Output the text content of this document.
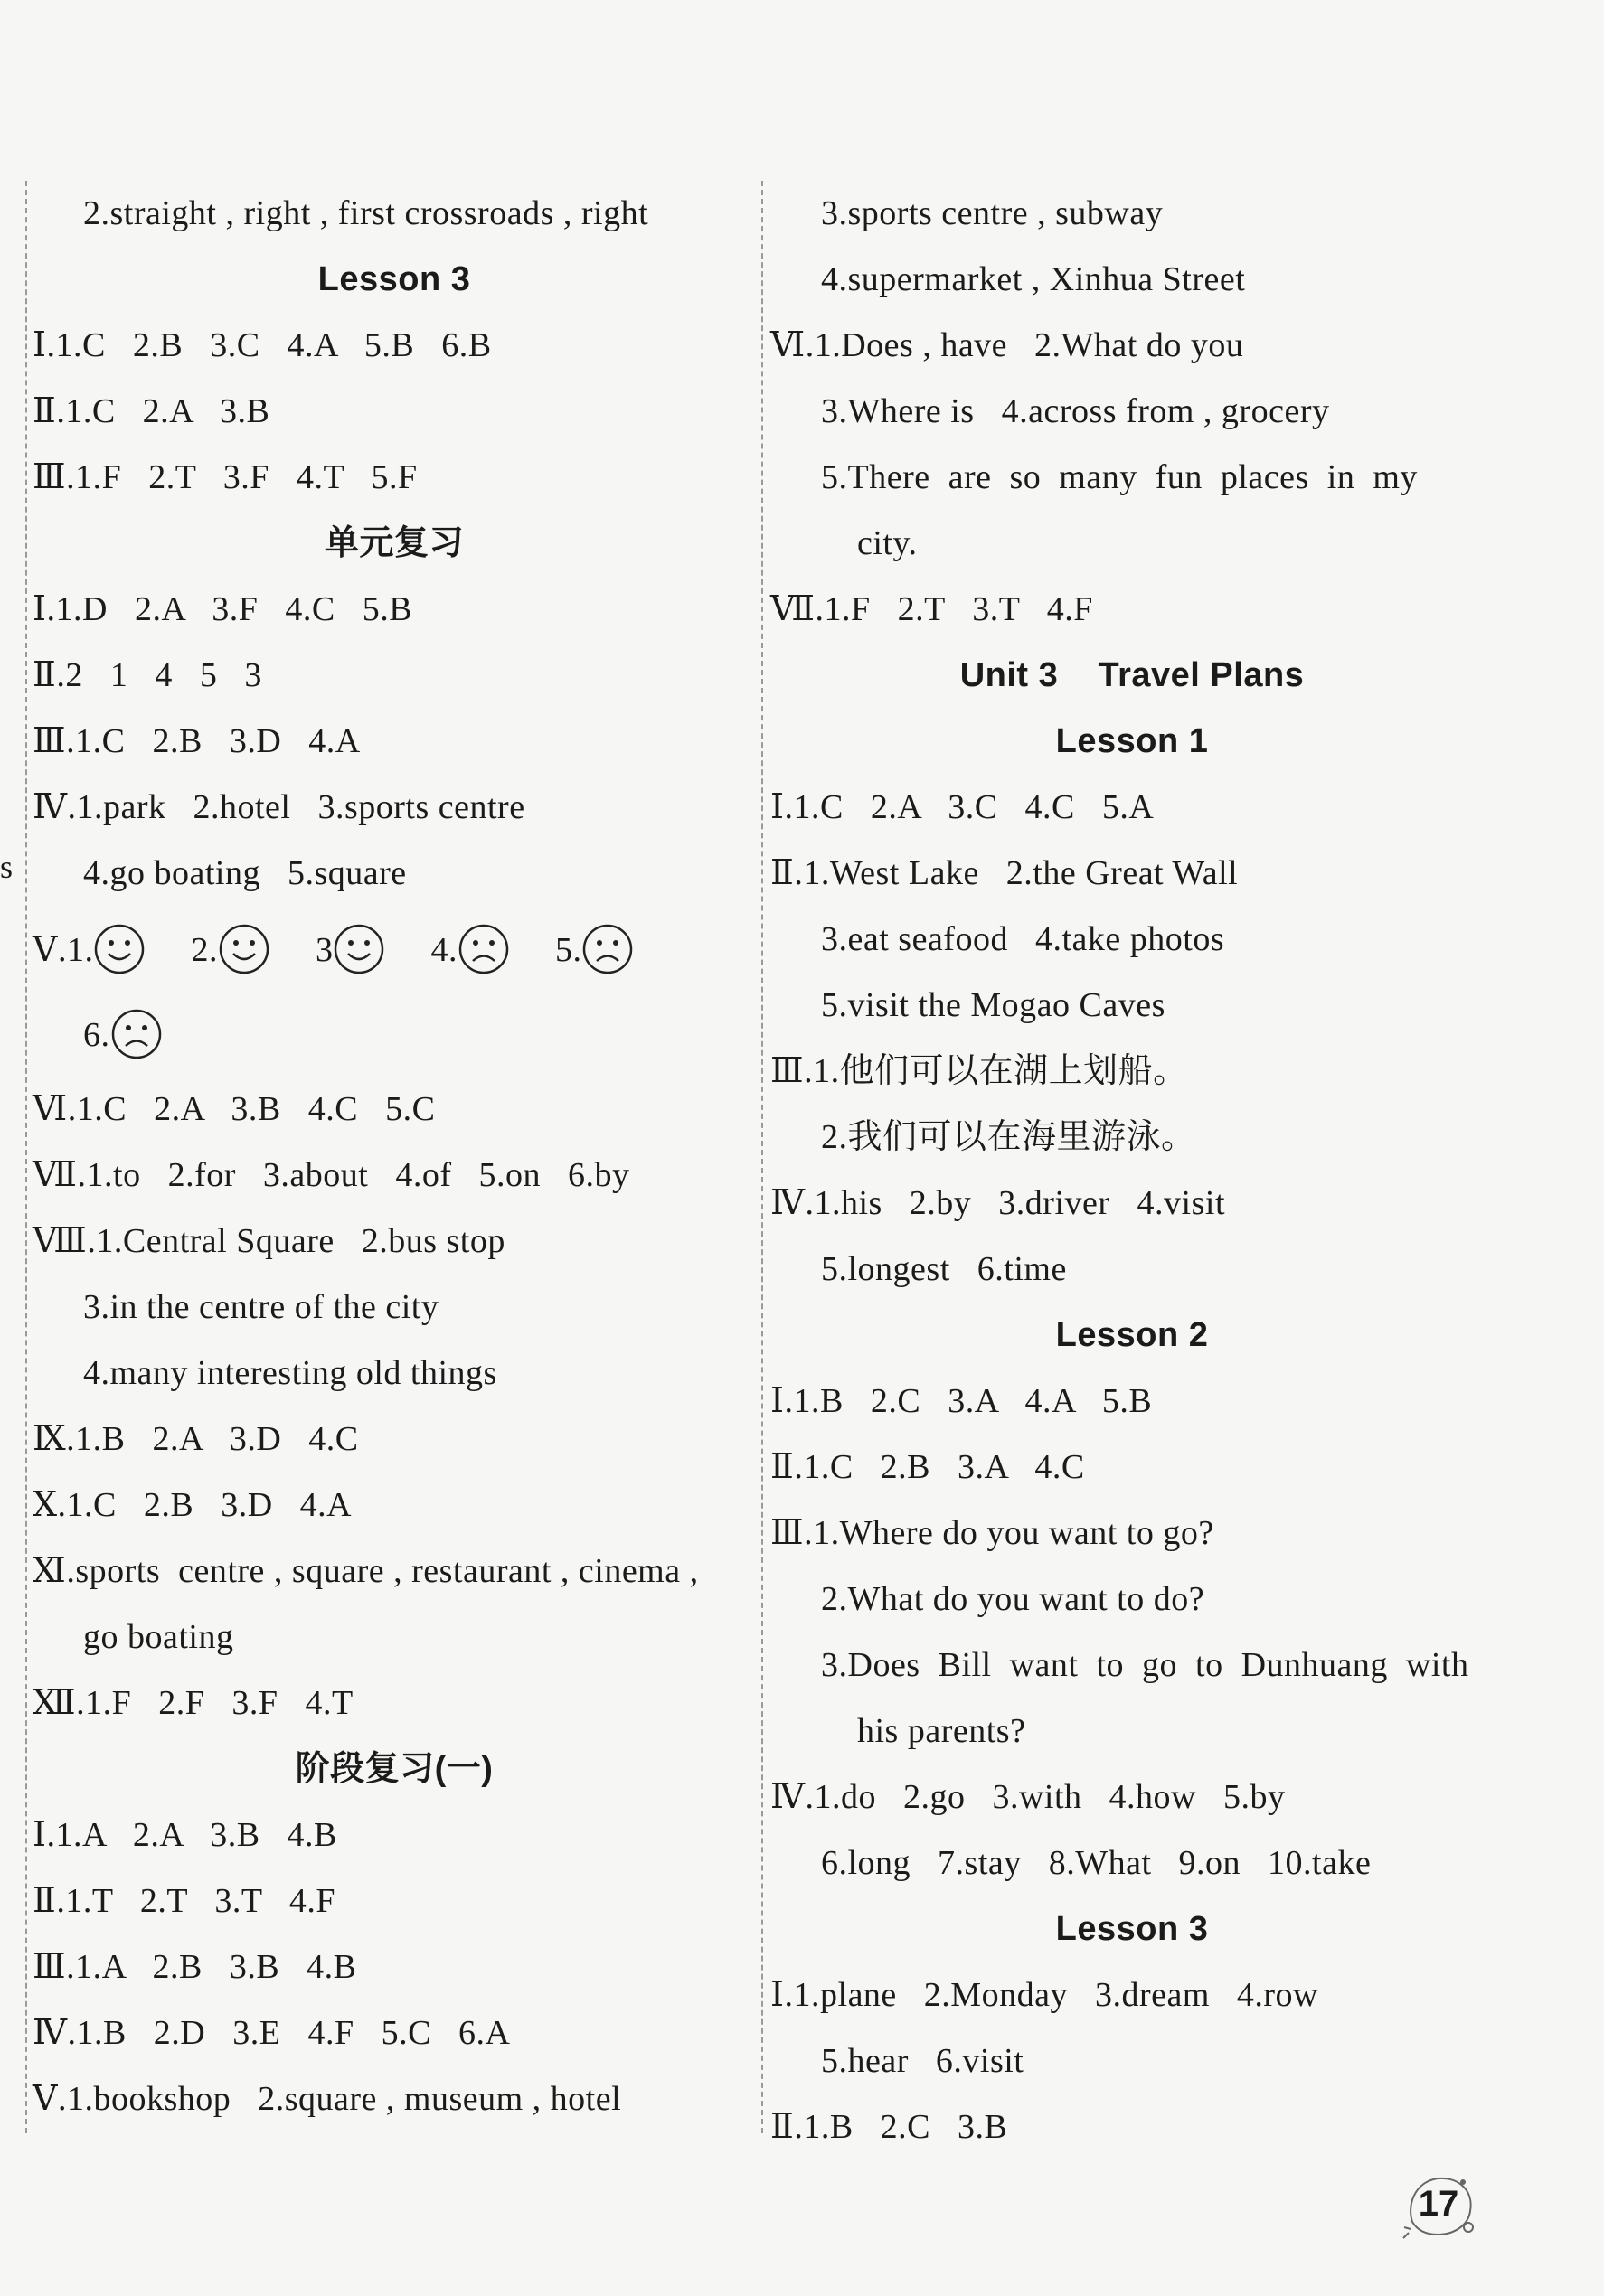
s
2.straight , right , first crossroads , right
Lesson 3
Ⅰ.1.C   2.B   3.C   4.A   5.B   6.B
Ⅱ.1.C   2.A   3.B
Ⅲ.1.F   2.T   3.F   4.T   5.F
单元复习
Ⅰ.1.D   2.A   3.F   4.C   5.B
Ⅱ.2   1   4   5   3
Ⅲ.1.C   2.B   3.D   4.A
Ⅳ.1.park   2.hotel   3.sports centre
4.go boating   5.square
Ⅴ.1.	2.	3	4.	5.
6.
Ⅵ.1.C   2.A   3.B   4.C   5.C
Ⅶ.1.to   2.for   3.about   4.of   5.on   6.by
Ⅷ.1.Central Square   2.bus stop
3.in the centre of the city
4.many interesting old things
Ⅸ.1.B   2.A   3.D   4.C
Ⅹ.1.C   2.B   3.D   4.A
Ⅺ.sports  centre , square , restaurant , cinema ,
go boating
Ⅻ.1.F   2.F   3.F   4.T
阶段复习(一)
Ⅰ.1.A   2.A   3.B   4.B
Ⅱ.1.T   2.T   3.T   4.F
Ⅲ.1.A   2.B   3.B   4.B
Ⅳ.1.B   2.D   3.E   4.F   5.C   6.A
Ⅴ.1.bookshop   2.square , museum , hotel
3.sports centre , subway
4.supermarket , Xinhua Street
Ⅵ.1.Does , have   2.What do you
3.Where is   4.across from , grocery
5.There  are  so  many  fun  places  in  my
city.
Ⅶ.1.F   2.T   3.T   4.F
Unit 3    Travel Plans
Lesson 1
Ⅰ.1.C   2.A   3.C   4.C   5.A
Ⅱ.1.West Lake   2.the Great Wall
3.eat seafood   4.take photos
5.visit the Mogao Caves
Ⅲ.1.他们可以在湖上划船。
2.我们可以在海里游泳。
Ⅳ.1.his   2.by   3.driver   4.visit
5.longest   6.time
Lesson 2
Ⅰ.1.B   2.C   3.A   4.A   5.B
Ⅱ.1.C   2.B   3.A   4.C
Ⅲ.1.Where do you want to go?
2.What do you want to do?
3.Does  Bill  want  to  go  to  Dunhuang  with
his parents?
Ⅳ.1.do   2.go   3.with   4.how   5.by
6.long   7.stay   8.What   9.on   10.take
Lesson 3
Ⅰ.1.plane   2.Monday   3.dream   4.row
5.hear   6.visit
Ⅱ.1.B   2.C   3.B
17
